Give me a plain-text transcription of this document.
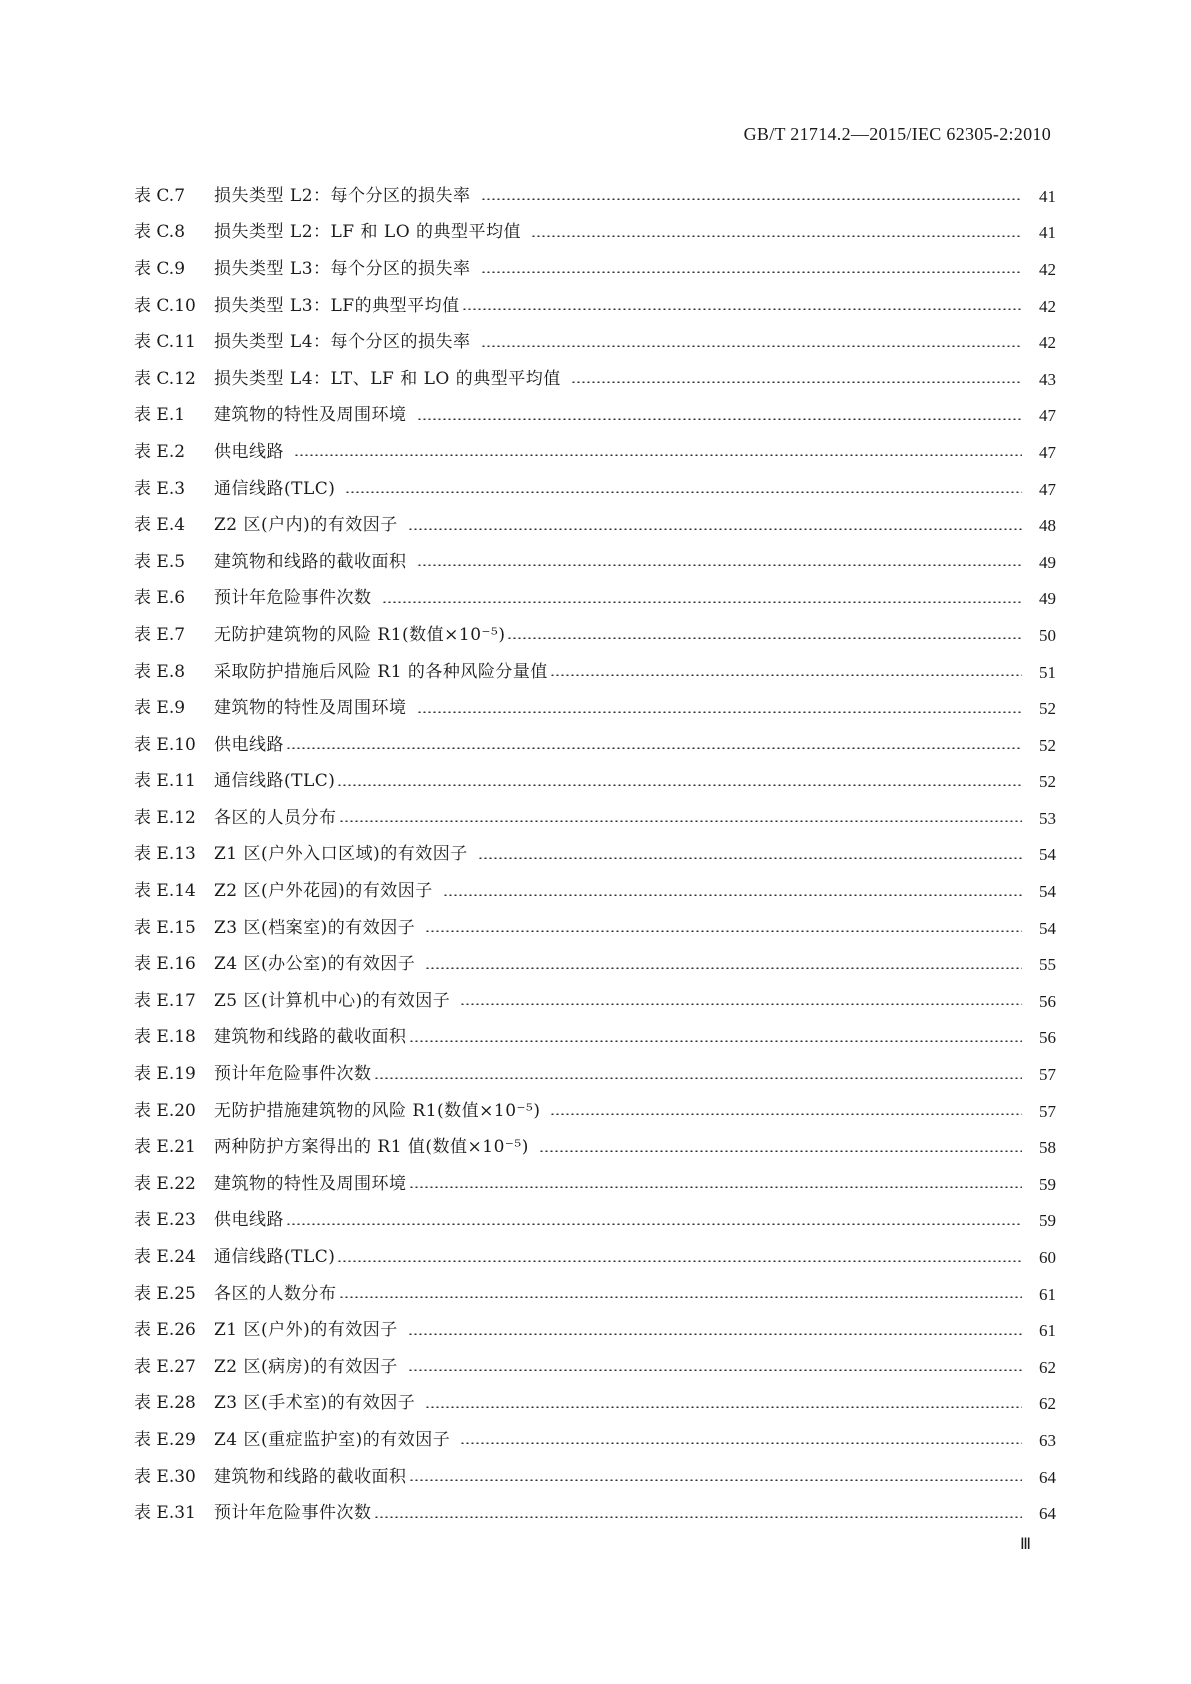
GB/T 21714.2—2015/IEC 62305-2:2010
表 C.7	损失类型 L2：每个分区的损失率	41
表 C.8	损失类型 L2：LF 和 LO 的典型平均值	41
表 C.9	损失类型 L3：每个分区的损失率	42
表 C.10	损失类型 L3：LF的典型平均值	42
表 C.11	损失类型 L4：每个分区的损失率	42
表 C.12	损失类型 L4：LT、LF 和 LO 的典型平均值	43
表 E.1	建筑物的特性及周围环境	47
表 E.2	供电线路	47
表 E.3	通信线路(TLC)	47
表 E.4	Z2 区(户内)的有效因子	48
表 E.5	建筑物和线路的截收面积	49
表 E.6	预计年危险事件次数	49
表 E.7	无防护建筑物的风险 R1(数值×10⁻⁵)	50
表 E.8	采取防护措施后风险 R1 的各种风险分量值	51
表 E.9	建筑物的特性及周围环境	52
表 E.10	供电线路	52
表 E.11	通信线路(TLC)	52
表 E.12	各区的人员分布	53
表 E.13	Z1 区(户外入口区域)的有效因子	54
表 E.14	Z2 区(户外花园)的有效因子	54
表 E.15	Z3 区(档案室)的有效因子	54
表 E.16	Z4 区(办公室)的有效因子	55
表 E.17	Z5 区(计算机中心)的有效因子	56
表 E.18	建筑物和线路的截收面积	56
表 E.19	预计年危险事件次数	57
表 E.20	无防护措施建筑物的风险 R1(数值×10⁻⁵)	57
表 E.21	两种防护方案得出的 R1 值(数值×10⁻⁵)	58
表 E.22	建筑物的特性及周围环境	59
表 E.23	供电线路	59
表 E.24	通信线路(TLC)	60
表 E.25	各区的人数分布	61
表 E.26	Z1 区(户外)的有效因子	61
表 E.27	Z2 区(病房)的有效因子	62
表 E.28	Z3 区(手术室)的有效因子	62
表 E.29	Z4 区(重症监护室)的有效因子	63
表 E.30	建筑物和线路的截收面积	64
表 E.31	预计年危险事件次数	64
Ⅲ
